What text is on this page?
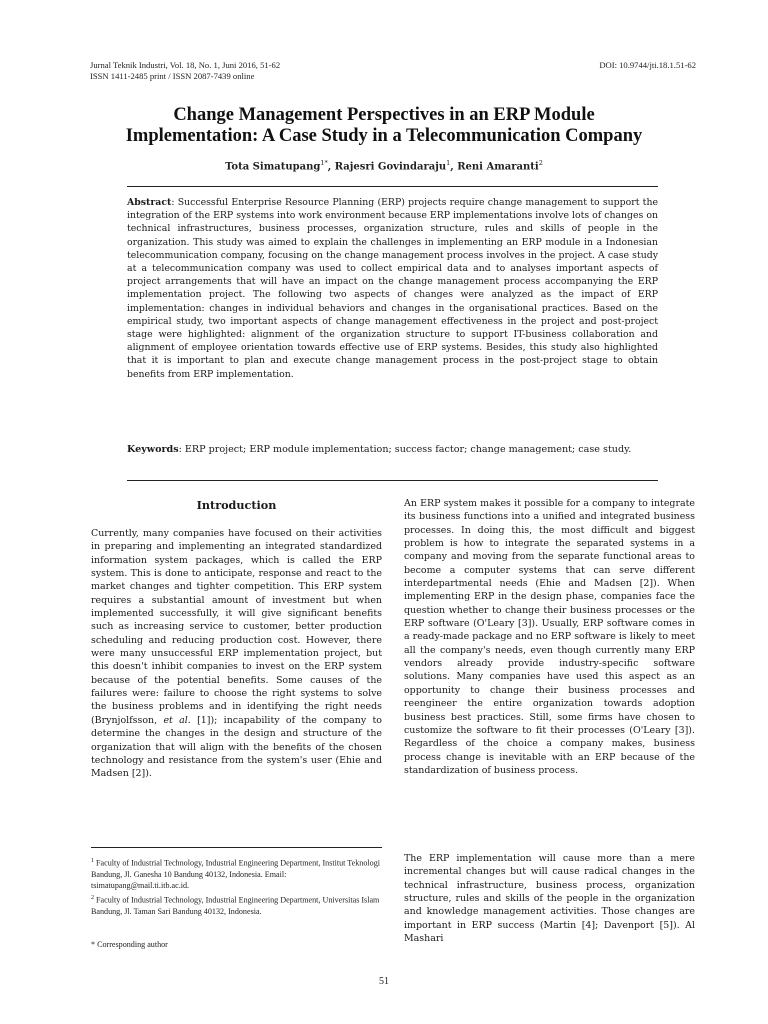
Jurnal Teknik Industri, Vol. 18, No. 1, Juni 2016, 51-62
ISSN 1411-2485 print / ISSN 2087-7439 online
DOI: 10.9744/jti.18.1.51-62
Change Management Perspectives in an ERP Module
Implementation: A Case Study in a Telecommunication Company
Tota Simatupang$^{1*}$, Rajesri Govindaraju$^1$, Reni Amaranti$^2$
Abstract: Successful Enterprise Resource Planning (ERP) projects require change management to support the integration of the ERP systems into work environment because ERP implementations involve lots of changes on technical infrastructures, business processes, organization structure, rules and skills of people in the organization. This study was aimed to explain the challenges in implementing an ERP module in a Indonesian telecommunication company, focusing on the change management process involves in the project. A case study at a telecommunication company was used to collect empirical data and to analyses important aspects of project arrangements that will have an impact on the change management process accompanying the ERP implementation project. The following two aspects of changes were analyzed as the impact of ERP implementation: changes in individual behaviors and changes in the organisational practices. Based on the empirical study, two important aspects of change management effectiveness in the project and post-project stage were highlighted: alignment of the organization structure to support IT-business collaboration and alignment of employee orientation towards effective use of ERP systems. Besides, this study also highlighted that it is important to plan and execute change management process in the post-project stage to obtain benefits from ERP implementation.
Keywords: ERP project; ERP module implementation; success factor; change management; case study.
Introduction

Currently, many companies have focused on their activities in preparing and implementing an integrated standardized information system packages, which is called the ERP system. This is done to anticipate, response and react to the market changes and tighter competition. This ERP system requires a substantial amount of investment but when implemented successfully, it will give significant benefits such as increasing service to customer, better production scheduling and reducing production cost. However, there were many unsuccessful ERP implementation project, but this doesn't inhibit companies to invest on the ERP system because of the potential benefits. Some causes of the failures were: failure to choose the right systems to solve the business problems and in identifying the right needs (Brynjolfsson, et al. [1]); incapability of the company to determine the changes in the design and structure of the organization that will align with the benefits of the chosen technology and resistance from the system's user (Ehie and Madsen [2]).

$^1$ Faculty of Industrial Technology, Industrial Engineering Department, Institut Teknologi Bandung, Jl. Ganesha 10 Bandung 40132, Indonesia. Email: tsimatupang@mail.ti.itb.ac.id.
$^2$ Faculty of Industrial Technology, Industrial Engineering Department, Universitas Islam Bandung, Jl. Taman Sari Bandung 40132, Indonesia.
* Corresponding author
An ERP system makes it possible for a company to integrate its business functions into a unified and integrated business processes. In doing this, the most difficult and biggest problem is how to integrate the separated systems in a company and moving from the separate functional areas to become a computer systems that can serve different interdepartmental needs (Ehie and Madsen [2]). When implementing ERP in the design phase, companies face the question whether to change their business processes or the ERP software (O'Leary [3]). Usually, ERP software comes in a ready-made package and no ERP software is likely to meet all the company's needs, even though currently many ERP vendors already provide industry-specific software solutions. Many companies have used this aspect as an opportunity to change their business processes and reengineer the entire organization towards adoption business best practices. Still, some firms have chosen to customize the software to fit their processes (O'Leary [3]). Regardless of the choice a company makes, business process change is inevitable with an ERP because of the standardization of business process.
The ERP implementation will cause more than a mere incremental changes but will cause radical changes in the technical infrastructure, business process, organization structure, rules and skills of the people in the organization and knowledge management activities. Those changes are important in ERP success (Martin [4]; Davenport [5]). Al Mashari
51
